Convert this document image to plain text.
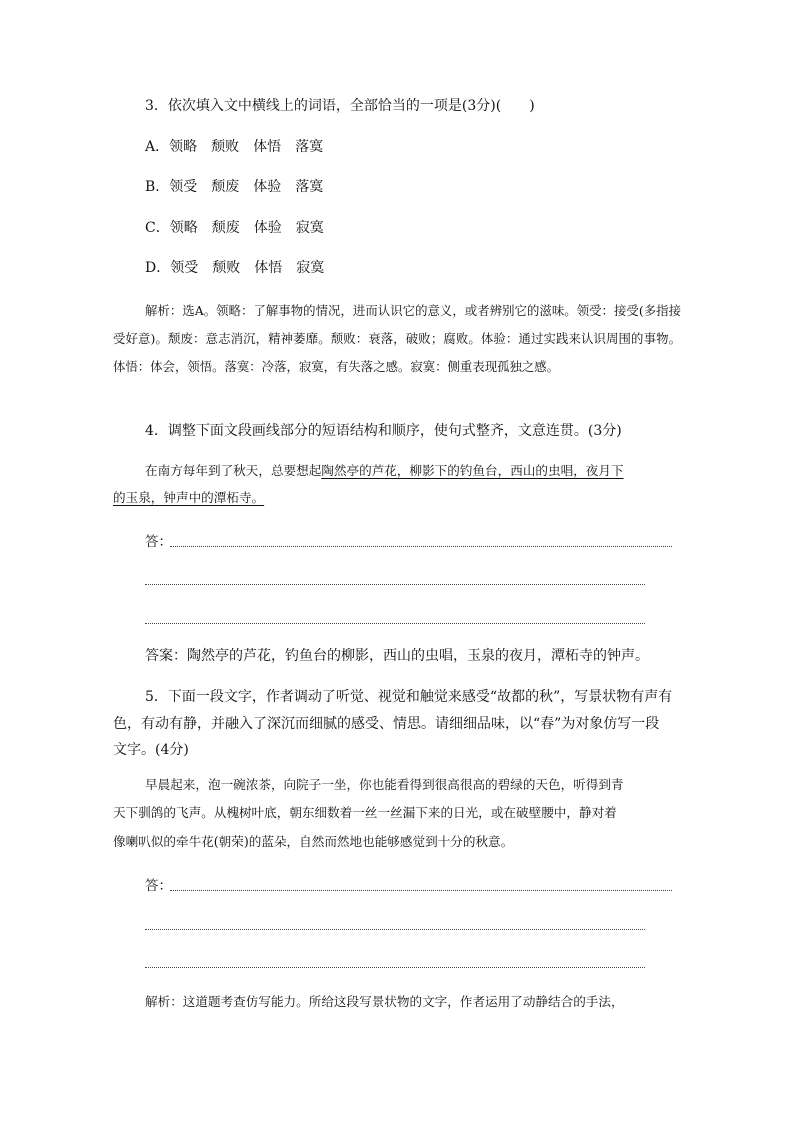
3．依次填入文中横线上的词语，全部恰当的一项是(3分)(　　)
A．领略　颓败　体悟　落寞
B．领受　颓废　体验　落寞
C．领略　颓废　体验　寂寞
D．领受　颓败　体悟　寂寞
解析：选A。领略：了解事物的情况，进而认识它的意义，或者辨别它的滋味。领受：接受(多指接受好意)。颓废：意志消沉，精神萎靡。颓败：衰落，破败；腐败。体验：通过实践来认识周围的事物。体悟：体会，领悟。落寞：冷落，寂寞，有失落之感。寂寞：侧重表现孤独之感。
4．调整下面文段画线部分的短语结构和顺序，使句式整齐，文意连贯。(3分)
在南方每年到了秋天，总要想起陶然亭的芦花，柳影下的钓鱼台，西山的虫唱，夜月下
的玉泉，钟声中的潭柘寺。
答：
答案：陶然亭的芦花，钓鱼台的柳影，西山的虫唱，玉泉的夜月，潭柘寺的钟声。
5．下面一段文字，作者调动了听觉、视觉和触觉来感受“故都的秋”，写景状物有声有
色，有动有静，并融入了深沉而细腻的感受、情思。请细细品味，以“春”为对象仿写一段
文字。(4分)
早晨起来，泡一碗浓茶，向院子一坐，你也能看得到很高很高的碧绿的天色，听得到青
天下驯鸽的飞声。从槐树叶底，朝东细数着一丝一丝漏下来的日光，或在破壁腰中，静对着
像喇叭似的牵牛花(朝荣)的蓝朵，自然而然地也能够感觉到十分的秋意。
答：
解析：这道题考查仿写能力。所给这段写景状物的文字，作者运用了动静结合的手法，
